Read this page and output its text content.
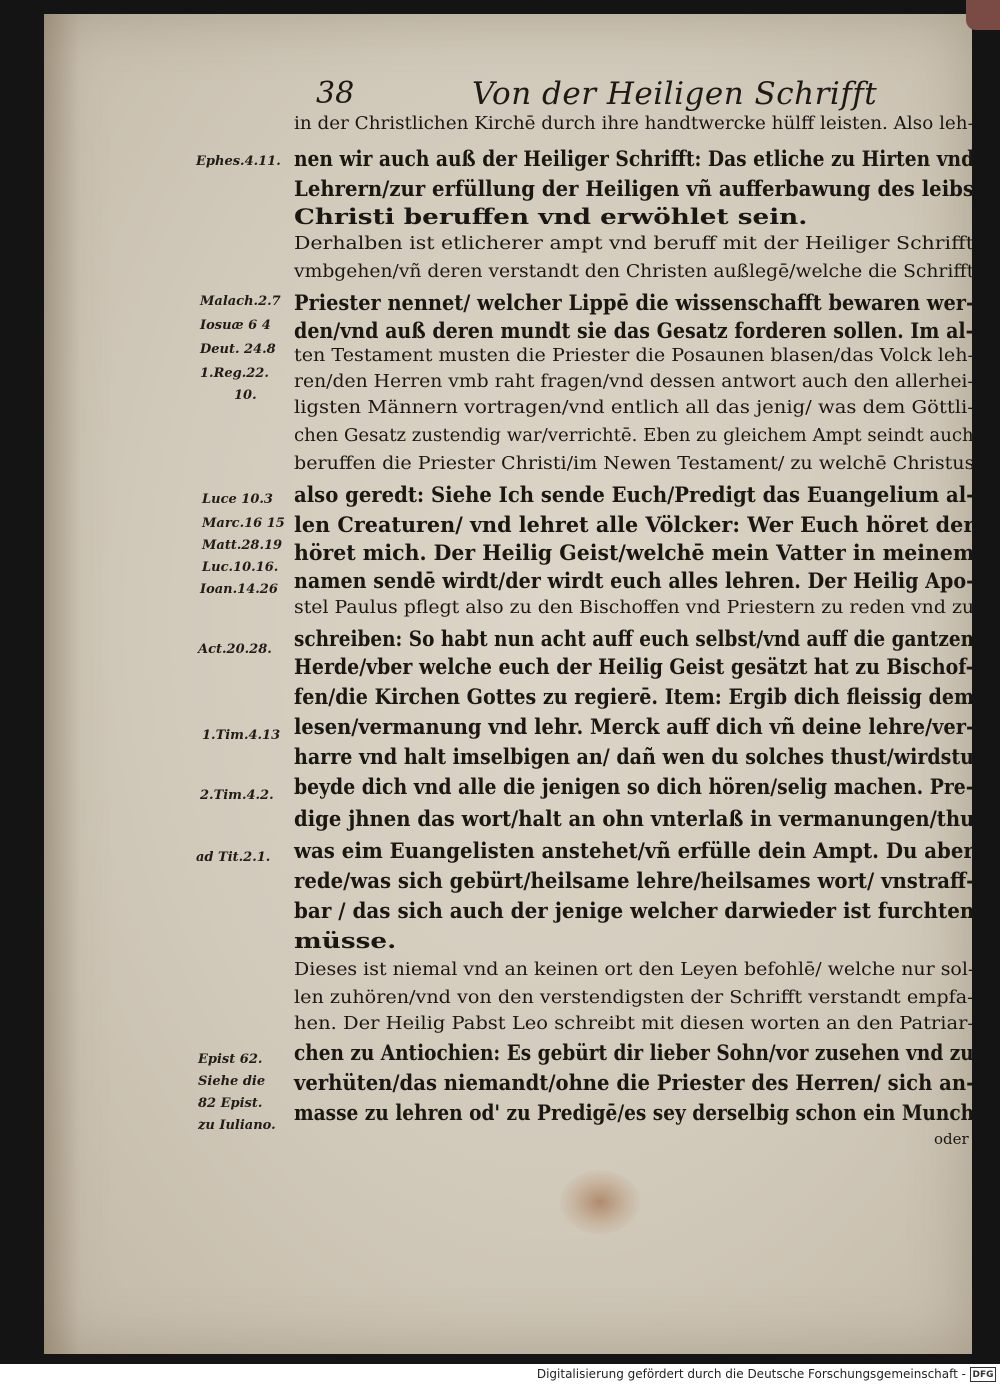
38	Von der Heiligen Schrifft
Ephes.4.11.
Malach.2.7
Iosuæ 6 4
Deut. 24.8
1.Reg.22.
10.
Luce 10.3
Marc.16 15
Matt.28.19
Luc.10.16.
Ioan.14.26
Act.20.28.
1.Tim.4.13
2.Tim.4.2.
ad Tit.2.1.
Epist 62.
Siehe die
82 Epist.
zu Iuliano.
in der Christlichen Kirchē durch ihre handtwercke hülff leisten. Also leh-
nen wir auch auß der Heiliger Schrifft: Das etliche zu Hirten vnd
Lehrern/zur erfüllung der Heiligen vñ aufferbawung des leibs
Christi beruffen vnd erwöhlet sein.
Derhalben ist etlicherer ampt vnd beruff mit der Heiliger Schrifft
vmbgehen/vñ deren verstandt den Christen außlegē/welche die Schrifft
Priester nennet/ welcher Lippē die wissenschafft bewaren wer-
den/vnd auß deren mundt sie das Gesatz forderen sollen. Im al-
ten Testament musten die Priester die Posaunen blasen/das Volck leh-
ren/den Herren vmb raht fragen/vnd dessen antwort auch den allerhei-
ligsten Männern vortragen/vnd entlich all das jenig/ was dem Göttli-
chen Gesatz zustendig war/verrichtē. Eben zu gleichem Ampt seindt auch
beruffen die Priester Christi/im Newen Testament/ zu welchē Christus
also geredt: Siehe Ich sende Euch/Predigt das Euangelium al-
len Creaturen/ vnd lehret alle Völcker: Wer Euch höret der
höret mich. Der Heilig Geist/welchē mein Vatter in meinem
namen sendē wirdt/der wirdt euch alles lehren. Der Heilig Apo-
stel Paulus pflegt also zu den Bischoffen vnd Priestern zu reden vnd zu
schreiben: So habt nun acht auff euch selbst/vnd auff die gantzen
Herde/vber welche euch der Heilig Geist gesätzt hat zu Bischof-
fen/die Kirchen Gottes zu regierē. Item: Ergib dich fleissig dem
lesen/vermanung vnd lehr. Merck auff dich vñ deine lehre/ver-
harre vnd halt imselbigen an/ dañ wen du solches thust/wirdstu
beyde dich vnd alle die jenigen so dich hören/selig machen. Pre-
dige jhnen das wort/halt an ohn vnterlaß in vermanungen/thu
was eim Euangelisten anstehet/vñ erfülle dein Ampt. Du aber
rede/was sich gebürt/heilsame lehre/heilsames wort/ vnstraff-
bar / das sich auch der jenige welcher darwieder ist furchten
müsse.
Dieses ist niemal vnd an keinen ort den Leyen befohlē/ welche nur sol-
len zuhören/vnd von den verstendigsten der Schrifft verstandt empfa-
hen. Der Heilig Pabst Leo schreibt mit diesen worten an den Patriar-
chen zu Antiochien: Es gebürt dir lieber Sohn/vor zusehen vnd zu
verhüten/das niemandt/ohne die Priester des Herren/ sich an-
masse zu lehren od' zu Predigē/es sey derselbig schon ein Munch
oder
Digitalisierung gefördert durch die Deutsche Forschungsgemeinschaft - DFG
